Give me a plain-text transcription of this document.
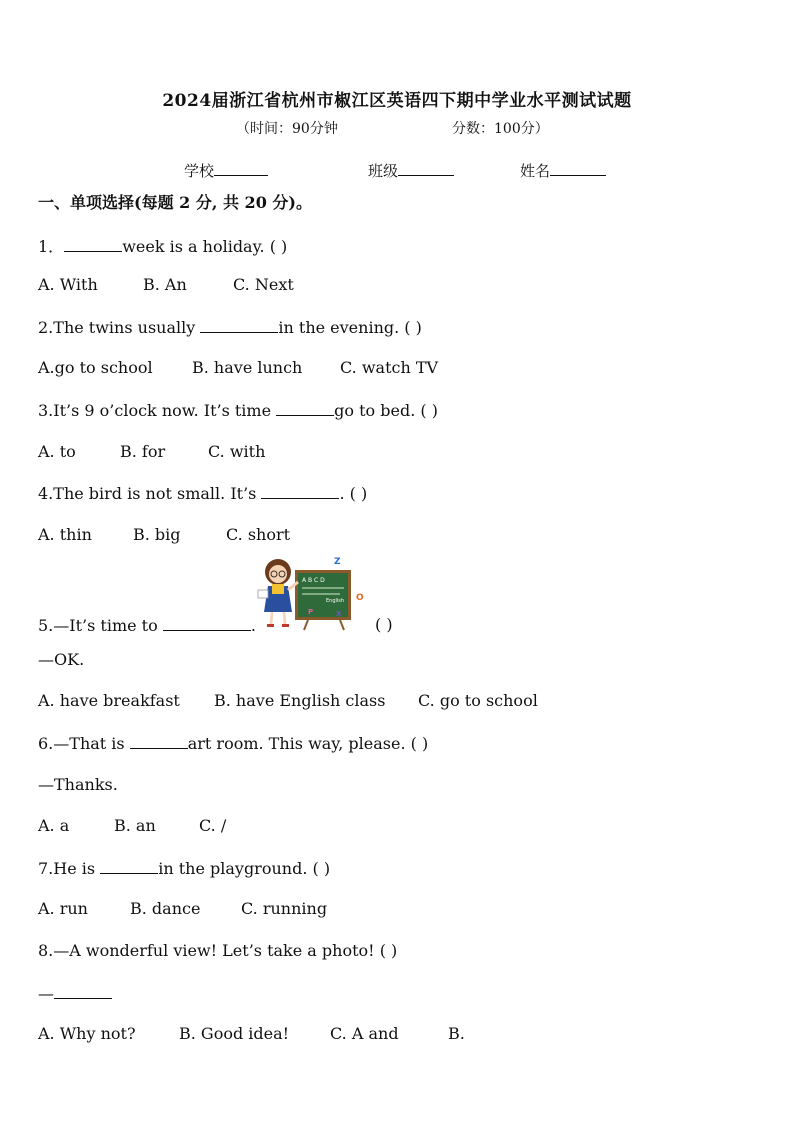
2024届浙江省杭州市椒江区英语四下期中学业水平测试试题
（时间：90分钟	分数：100分）
学校	班级	姓名
一、单项选择(每题 2 分, 共 20 分)。
1．	week is a holiday. ( )
A. With	B. An	C. Next
2.The twins usually	in the evening. ( )
A.go to school B. have lunch C. watch TV
3.It’s 9 o’clock now. It’s time	go to bed. ( )
A. to	B. for	C. with
4.The bird is not small. It’s	. ( )
A. thin	B. big	C. short
A B C D
English
Z
O
P	X
5.—It’s time to	.	( )
—OK.
A. have breakfast B. have English class C. go to school
6.—That is	art room. This way, please. ( )
—Thanks.
A. a	B. an	C. /
7.He is	in the playground. ( )
A. run	B. dance	C. running
8.—A wonderful view! Let’s take a photo! ( )
—
A. Why not?	B. Good idea!	C. A and	B.
